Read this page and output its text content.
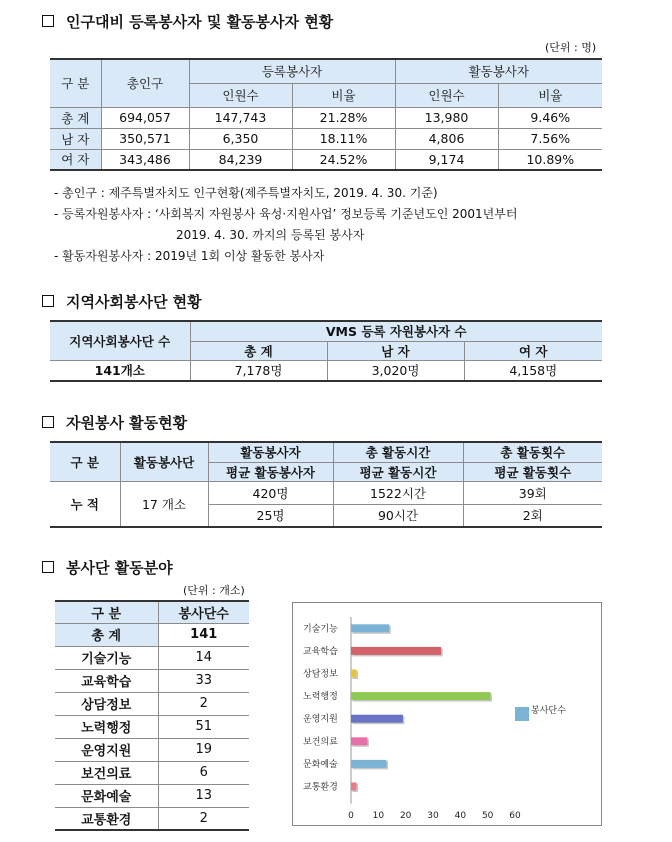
인구대비 등록봉사자 및 활동봉사자 현황
(단위 : 명)
구 분	총인구	등록봉사자		활동봉사자	
		인원수	비율	인원수	비율
총 계	694,057	147,743	21.28%	13,980	9.46%
남 자	350,571	6,350	18.11%	4,806	7.56%
여 자	343,486	84,239	24.52%	9,174	10.89%
- 총인구 : 제주특별자치도 인구현황(제주특별자치도, 2019. 4. 30. 기준)
- 등록자원봉사자 : ‘사회복지 자원봉사 육성·지원사업’ 정보등록 기준년도인 2001년부터
2019. 4. 30. 까지의 등록된 봉사자
- 활동자원봉사자 : 2019년 1회 이상 활동한 봉사자
지역사회봉사단 현황
지역사회봉사단 수	VMS 등록 자원봉사자 수		
	총 계	남 자	여 자
141개소	7,178명	3,020명	4,158명
자원봉사 활동현황
구 분	활동봉사단	활동봉사자	총 활동시간	총 활동횟수
		평균 활동봉사자	평균 활동시간	평균 활동횟수
누 적	17 개소	420명	1522시간	39회
		25명	90시간	2회
봉사단 활동분야
(단위 : 개소)
구 분	봉사단수
총 계	141
기술기능	14
교육학습	33
상담정보	2
노력행정	51
운영지원	19
보건의료	6
문화예술	13
교통환경	2
기술기능
교육학습
상담정보
노력행정
운영지원
보건의료
문화예술
교통환경
0 10 20 30 40 50 60
봉사단수
